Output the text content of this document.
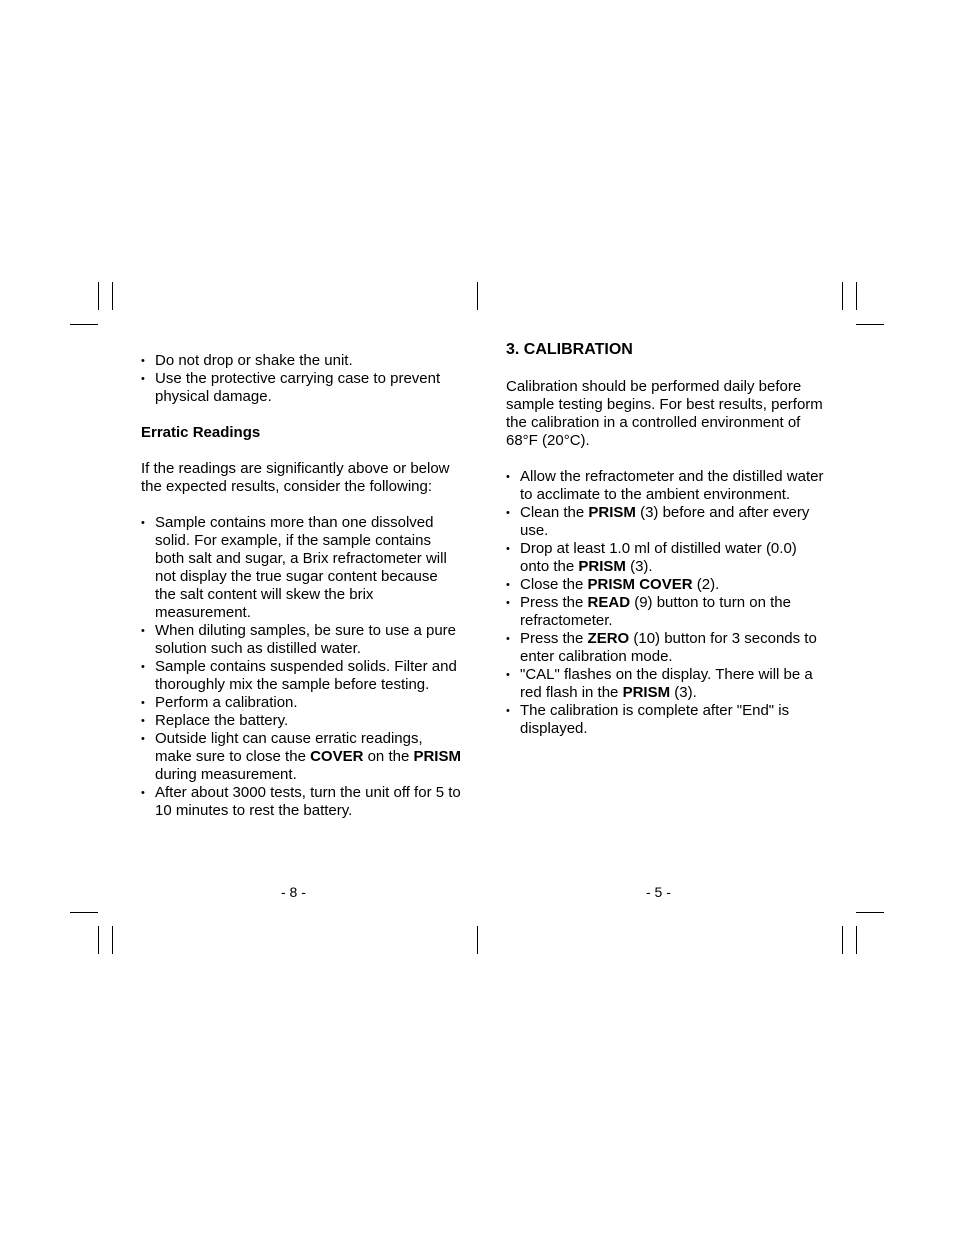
• Do not drop or shake the unit.
• Use the protective carrying case to prevent physical damage.
Erratic Readings

If the readings are significantly above or below the expected results, consider the following:

• Sample contains more than one dissolved solid. For example, if the sample contains both salt and sugar, a Brix refractometer will not display the true sugar content because the salt content will skew the brix measurement.
• When diluting samples, be sure to use a pure solution such as distilled water.
• Sample contains suspended solids. Filter and thoroughly mix the sample before testing.
• Perform a calibration.
• Replace the battery.
• Outside light can cause erratic readings, make sure to close the COVER on the PRISM during measurement.
• After about 3000 tests, turn the unit off for 5 to 10 minutes to rest the battery.
- 8 -
3. CALIBRATION

Calibration should be performed daily before sample testing begins. For best results, perform the calibration in a controlled environment of 68°F (20°C).

• Allow the refractometer and the distilled water to acclimate to the ambient environment.
• Clean the PRISM (3) before and after every use.
• Drop at least 1.0 ml of distilled water (0.0) onto the PRISM (3).
• Close the PRISM COVER (2).
• Press the READ (9) button to turn on the refractometer.
• Press the ZERO (10) button for 3 seconds to enter calibration mode.
• "CAL" flashes on the display. There will be a red flash in the PRISM (3).
• The calibration is complete after "End" is displayed.
- 5 -
